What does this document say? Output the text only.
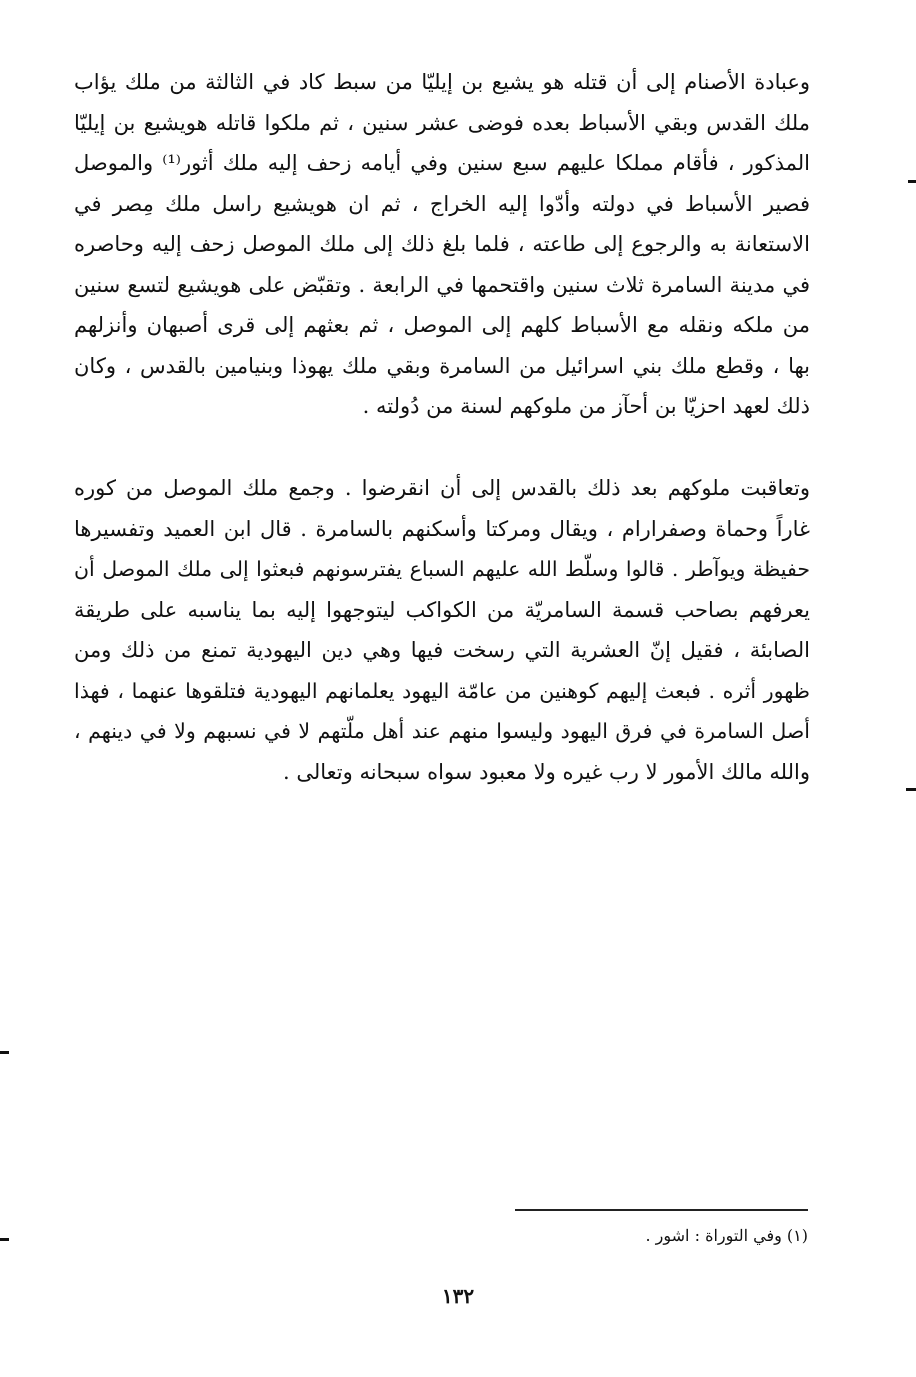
وعبادة الأصنام إلى أن قتله هو يشيع بن إيليّا من سبط كاد في الثالثة من ملك يؤاب
ملك القدس وبقي الأسباط بعده فوضى عشر سنين ، ثم ملكوا قاتله هويشيع بن إيليّا
المذكور ، فأقام مملكا عليهم سبع سنين وفي أيامه زحف إليه ملك أثور⁽¹⁾ والموصل
فصير الأسباط في دولته وأدّوا إليه الخراج ، ثم ان هويشيع راسل ملك مِصر في
الاستعانة به والرجوع إلى طاعته ، فلما بلغ ذلك إلى ملك الموصل زحف إليه وحاصره
في مدينة السامرة ثلاث سنين واقتحمها في الرابعة . وتقبّض على هويشيع لتسع سنين
من ملكه ونقله مع الأسباط كلهم إلى الموصل ، ثم بعثهم إلى قرى أصبهان وأنزلهم
بها ، وقطع ملك بني اسرائيل من السامرة وبقي ملك يهوذا وبنيامين بالقدس ، وكان
ذلك لعهد احزيّا بن أحآز من ملوكهم لسنة من دُولته .
وتعاقبت ملوكهم بعد ذلك بالقدس إلى أن انقرضوا . وجمع ملك الموصل من كوره
غاراً وحماة وصفرارام ، ويقال ومركتا وأسكنهم بالسامرة . قال ابن العميد وتفسيرها
حفيظة ويوآطر . قالوا وسلّط الله عليهم السباع يفترسونهم فبعثوا إلى ملك الموصل أن
يعرفهم بصاحب قسمة السامريّة من الكواكب ليتوجهوا إليه بما يناسبه على طريقة
الصابئة ، فقيل إنّ العشرية التي رسخت فيها وهي دين اليهودية تمنع من ذلك ومن
ظهور أثره . فبعث إليهم كوهنين من عامّة اليهود يعلمانهم اليهودية فتلقوها عنهما ، فهذا
أصل السامرة في فرق اليهود وليسوا منهم عند أهل ملّتهم لا في نسبهم ولا في دينهم ،
والله مالك الأمور لا رب غيره ولا معبود سواه سبحانه وتعالى .
(١) وفي التوراة : اشور .
١٣٢
